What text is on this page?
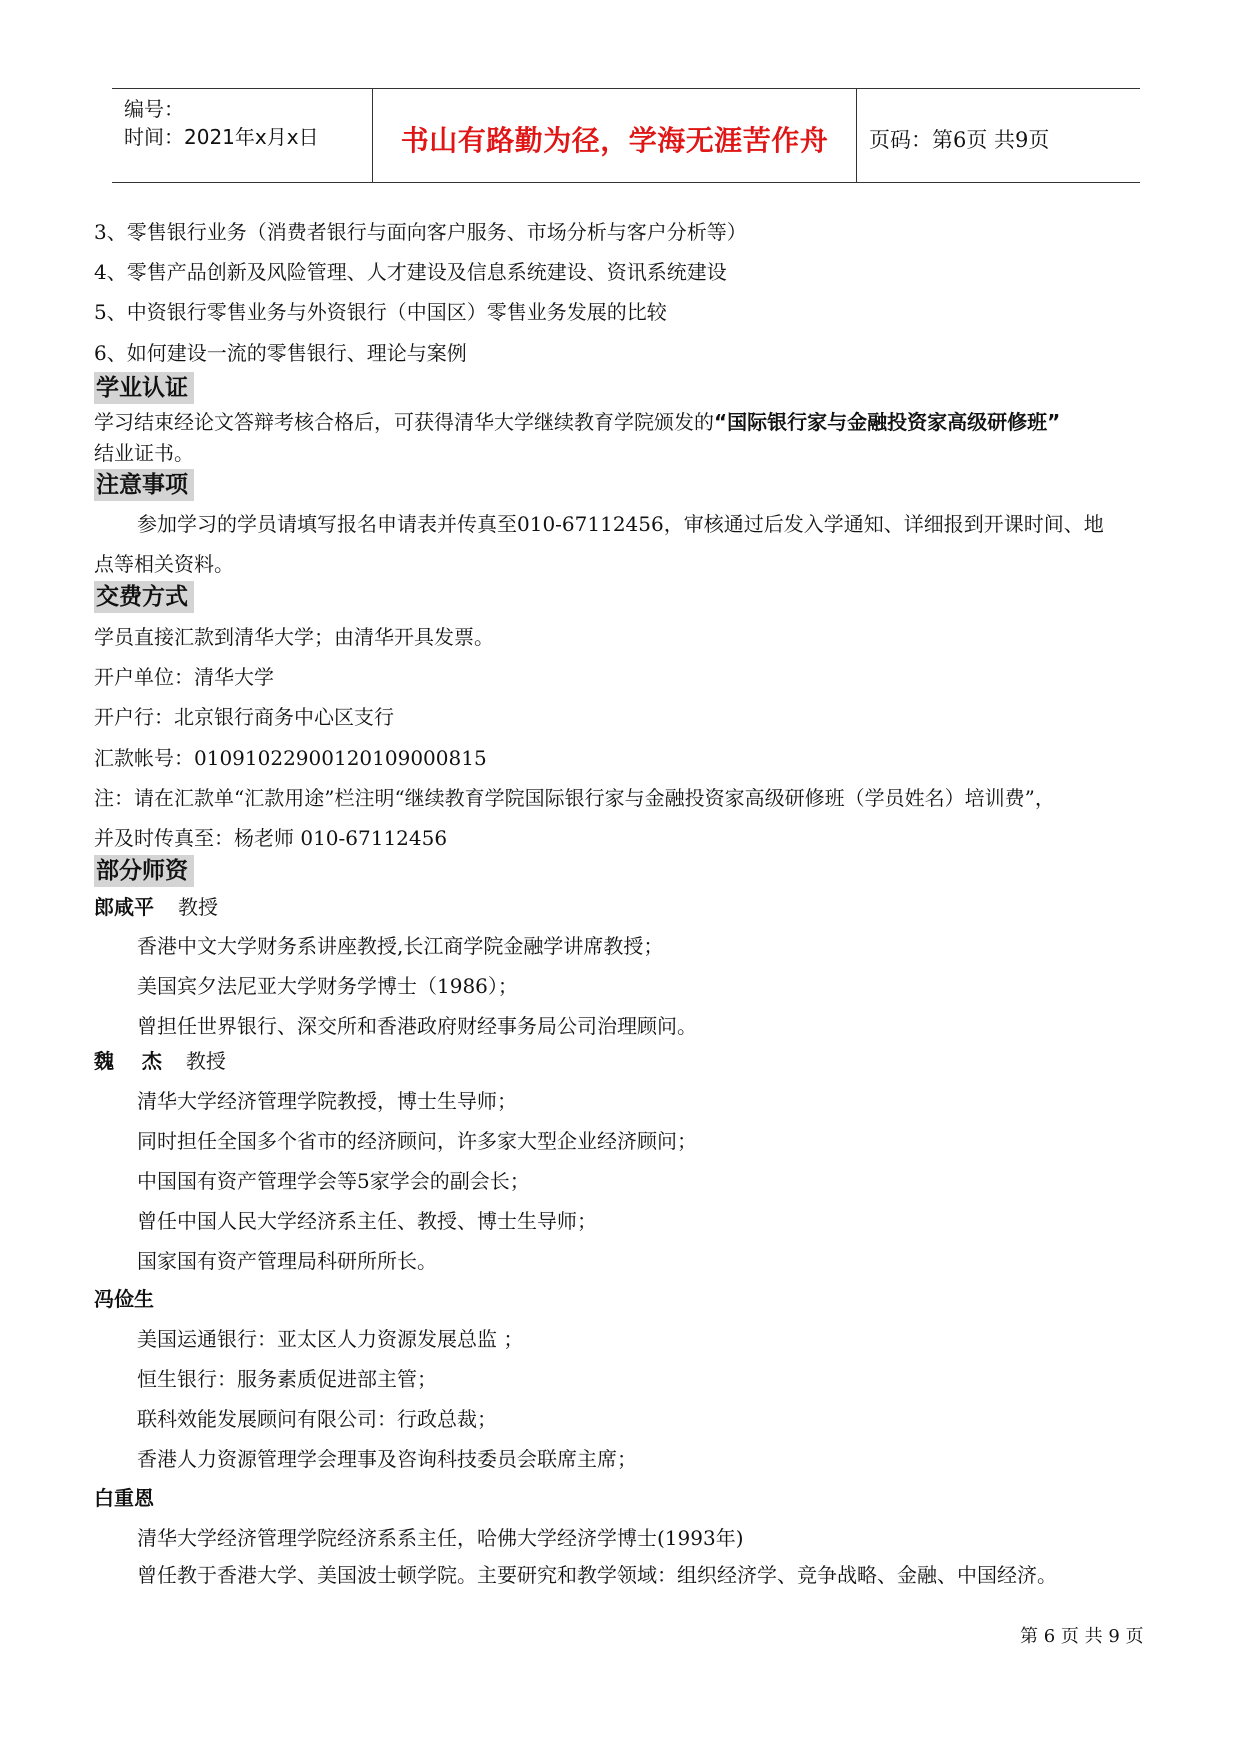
编号：
时间：2021年x月x日	书山有路勤为径，学海无涯苦作舟	页码：第6页 共9页
3、零售银行业务（消费者银行与面向客户服务、市场分析与客户分析等）
4、零售产品创新及风险管理、人才建设及信息系统建设、资讯系统建设
5、中资银行零售业务与外资银行（中国区）零售业务发展的比较
6、如何建设一流的零售银行、理论与案例
学业认证
学习结束经论文答辩考核合格后，可获得清华大学继续教育学院颁发的“国际银行家与金融投资家高级研修班”
结业证书。
注意事项
参加学习的学员请填写报名申请表并传真至010-67112456，审核通过后发入学通知、详细报到开课时间、地
点等相关资料。
交费方式
学员直接汇款到清华大学；由清华开具发票。
开户单位：清华大学
开户行：北京银行商务中心区支行
汇款帐号：01091022900120109000815
注：请在汇款单“汇款用途”栏注明“继续教育学院国际银行家与金融投资家高级研修班（学员姓名）培训费”，
并及时传真至：杨老师 010-67112456
部分师资
郎咸平 教授
香港中文大学财务系讲座教授,长江商学院金融学讲席教授；
美国宾夕法尼亚大学财务学博士（1986）；
曾担任世界银行、深交所和香港政府财经事务局公司治理顾问。
魏    杰 教授
清华大学经济管理学院教授，博士生导师；
同时担任全国多个省市的经济顾问，许多家大型企业经济顾问；
中国国有资产管理学会等5家学会的副会长；
曾任中国人民大学经济系主任、教授、博士生导师；
国家国有资产管理局科研所所长。
冯俭生
美国运通银行：亚太区人力资源发展总监 ；
恒生银行：服务素质促进部主管；
联科效能发展顾问有限公司：行政总裁；
香港人力资源管理学会理事及咨询科技委员会联席主席；
白重恩
清华大学经济管理学院经济系系主任，哈佛大学经济学博士(1993年)
曾任教于香港大学、美国波士顿学院。主要研究和教学领域：组织经济学、竞争战略、金融、中国经济。
第 6 页 共 9 页
